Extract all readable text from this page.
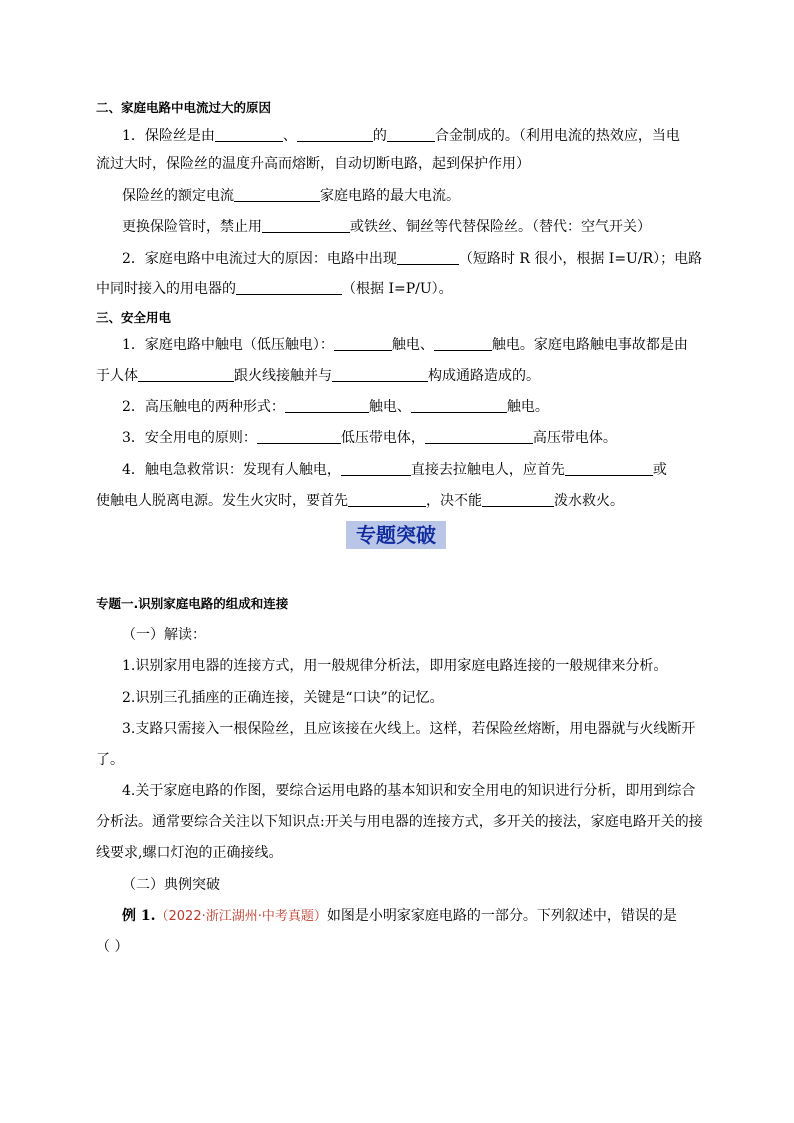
二、家庭电路中电流过大的原因
1．保险丝是由	、	的	合金制成的。（利用电流的热效应，当电
流过大时，保险丝的温度升高而熔断，自动切断电路，起到保护作用）
保险丝的额定电流	家庭电路的最大电流。
更换保险管时，禁止用	或铁丝、铜丝等代替保险丝。（替代：空气开关）
2．家庭电路中电流过大的原因：电路中出现	（短路时 R 很小，根据 I=U/R）；电路
中同时接入的用电器的	（根据 I=P/U）。
三、安全用电
1．家庭电路中触电（低压触电）：	触电、	触电。家庭电路触电事故都是由
于人体	跟火线接触并与	构成通路造成的。
2．高压触电的两种形式：	触电、	触电。
3．安全用电的原则：	低压带电体，	高压带电体。
4．触电急救常识：发现有人触电，	直接去拉触电人，应首先	或
使触电人脱离电源。发生火灾时，要首先	，决不能	泼水救火。
专题突破
专题一.识别家庭电路的组成和连接
（一）解读：
1.识别家用电器的连接方式，用一般规律分析法，即用家庭电路连接的一般规律来分析。
2.识别三孔插座的正确连接，关键是“口诀”的记忆。
3.支路只需接入一根保险丝，且应该接在火线上。这样，若保险丝熔断，用电器就与火线断开
了。
4.关于家庭电路的作图，要综合运用电路的基本知识和安全用电的知识进行分析，即用到综合
分析法。通常要综合关注以下知识点:开关与用电器的连接方式，多开关的接法，家庭电路开关的接
线要求,螺口灯泡的正确接线。
（二）典例突破
例 1.（2022·浙江湖州·中考真题）如图是小明家家庭电路的一部分。下列叙述中，错误的是
（ ）
